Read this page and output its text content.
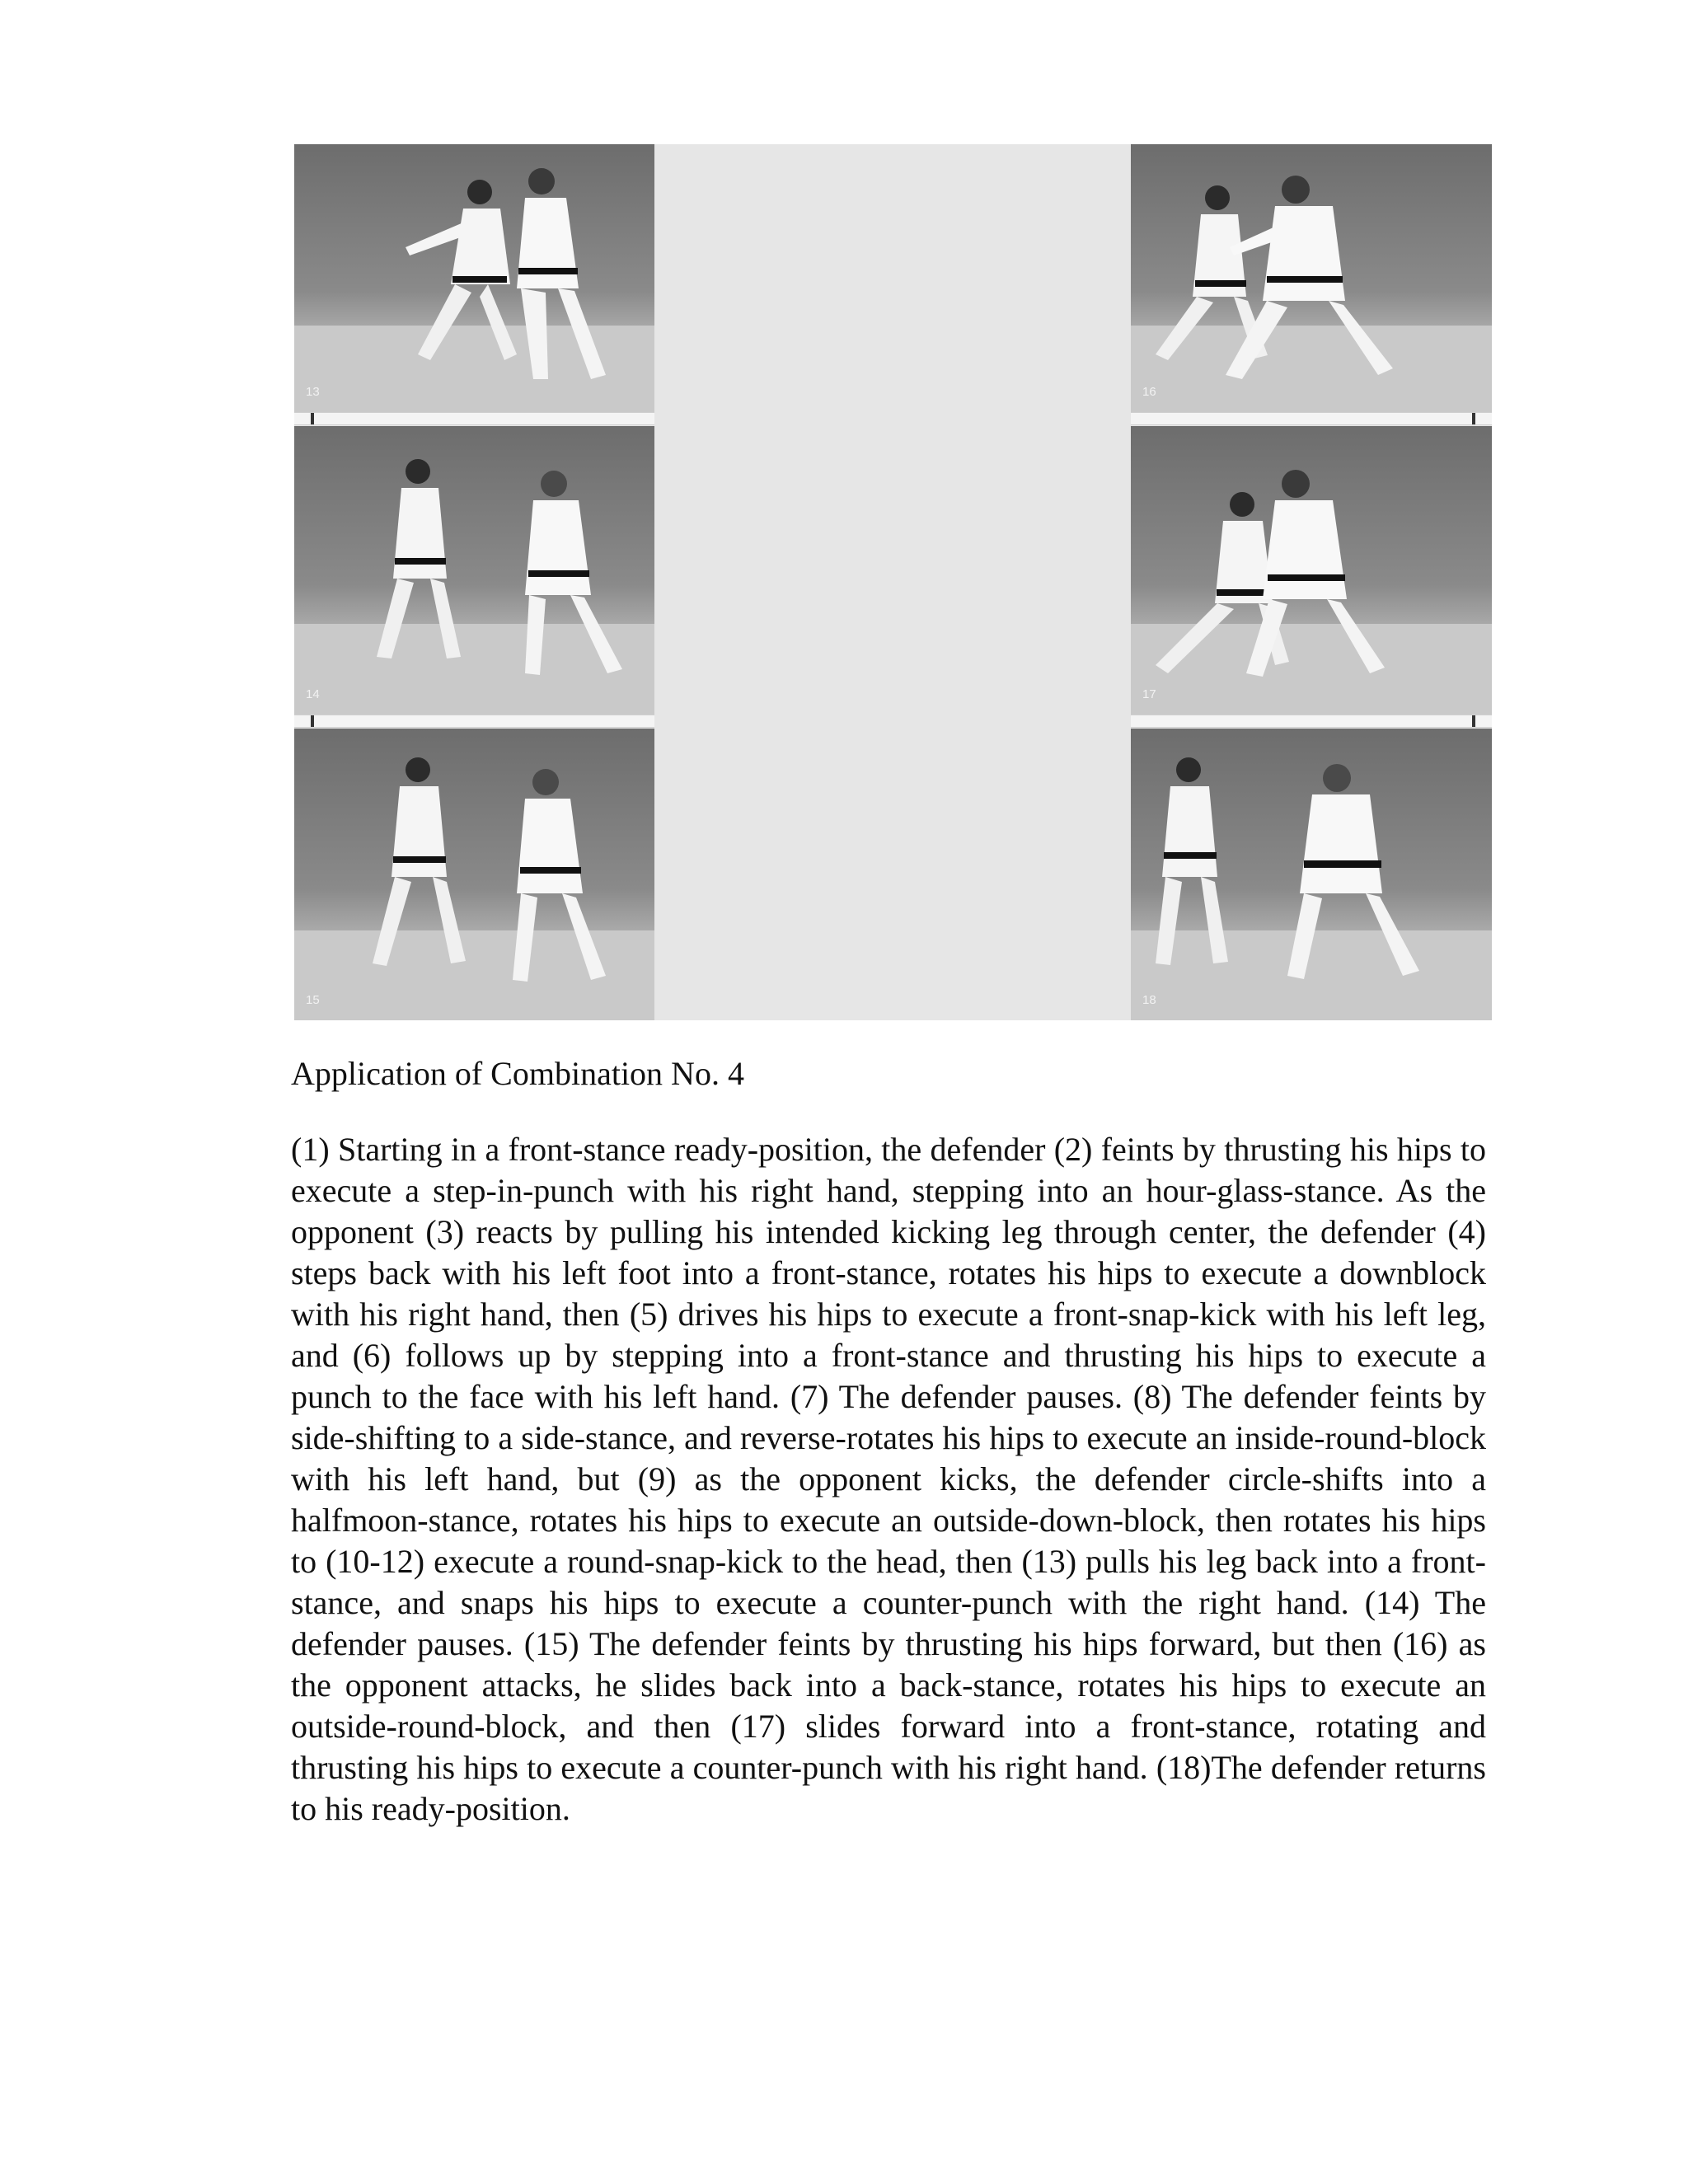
13
14
15
16
17
18
Application of Combination No. 4

(1) Starting in a front-stance ready-position, the defender (2) feints by thrusting his hips to execute a step-in-punch with his right hand, stepping into an hour-glass-stance. As the opponent (3) reacts by pulling his intended kicking leg through center, the defender (4) steps back with his left foot into a front-stance, rotates his hips to execute a downblock with his right hand, then (5) drives his hips to execute a front-snap-kick with his left leg, and (6) follows up by stepping into a front-stance and thrusting his hips to execute a punch to the face with his left hand. (7) The defender pauses. (8) The defender feints by side-shifting to a side-stance, and reverse-rotates his hips to execute an inside-round-block with his left hand, but (9) as the opponent kicks, the defender circle-shifts into a halfmoon-stance, rotates his hips to execute an outside-down-block, then rotates his hips to (10-12) execute a round-snap-kick to the head, then (13) pulls his leg back into a front-stance, and snaps his hips to execute a counter-punch with the right hand. (14) The defender pauses. (15) The defender feints by thrusting his hips forward, but then (16) as the opponent attacks, he slides back into a back-stance, rotates his hips to execute an outside-round-block, and then (17) slides forward into a front-stance, rotating and thrusting his hips to execute a counter-punch with his right hand. (18)The defender returns to his ready-position.
